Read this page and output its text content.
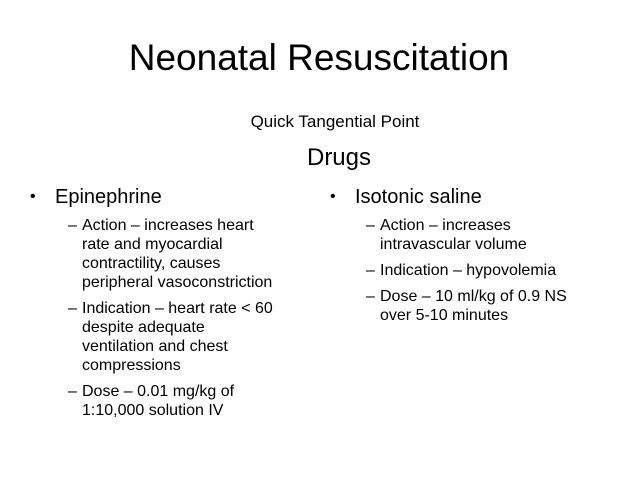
Neonatal Resuscitation
Quick Tangential Point
Drugs
• Epinephrine
– Action – increases heart
rate and myocardial
contractility, causes
peripheral vasoconstriction
– Indication – heart rate < 60
despite adequate
ventilation and chest
compressions
– Dose – 0.01 mg/kg of
1:10,000 solution IV
• Isotonic saline
– Action – increases
intravascular volume
– Indication – hypovolemia
– Dose – 10 ml/kg of 0.9 NS
over 5-10 minutes
